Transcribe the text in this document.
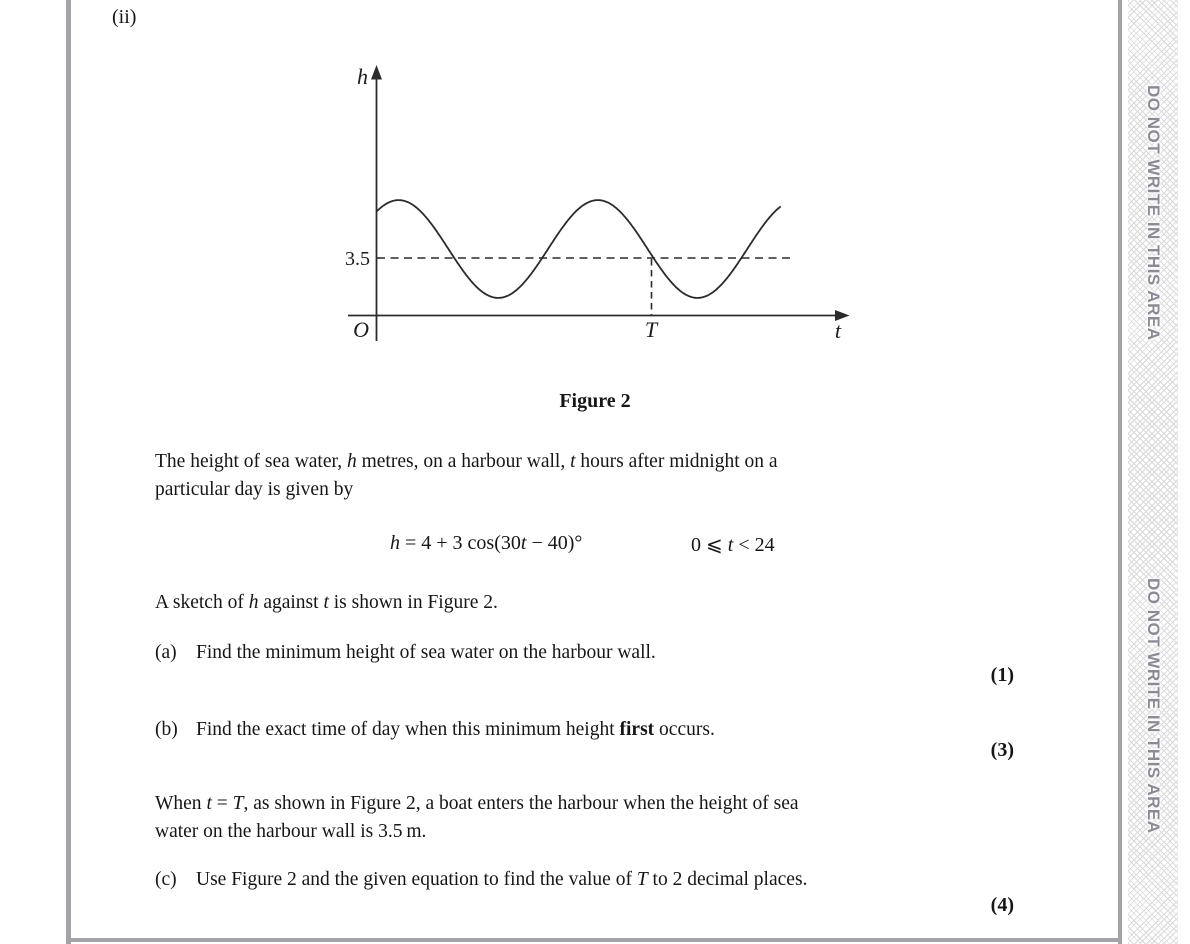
(ii)
h
3.5
O	T	t
Figure 2

The height of sea water, h metres, on a harbour wall, t hours after midnight on a
particular day is given by

h = 4 + 3 cos(30t − 40)°	0 ⩽ t < 24

A sketch of h against t is shown in Figure 2.

(a) Find the minimum height of sea water on the harbour wall.
(1)
(b) Find the exact time of day when this minimum height first occurs.
(3)

When t = T, as shown in Figure 2, a boat enters the harbour when the height of sea
water on the harbour wall is 3.5 m.

(c) Use Figure 2 and the given equation to find the value of T to 2 decimal places.
(4)
DO NOT WRITE IN THIS AREA
DO NOT WRITE IN THIS AREA
